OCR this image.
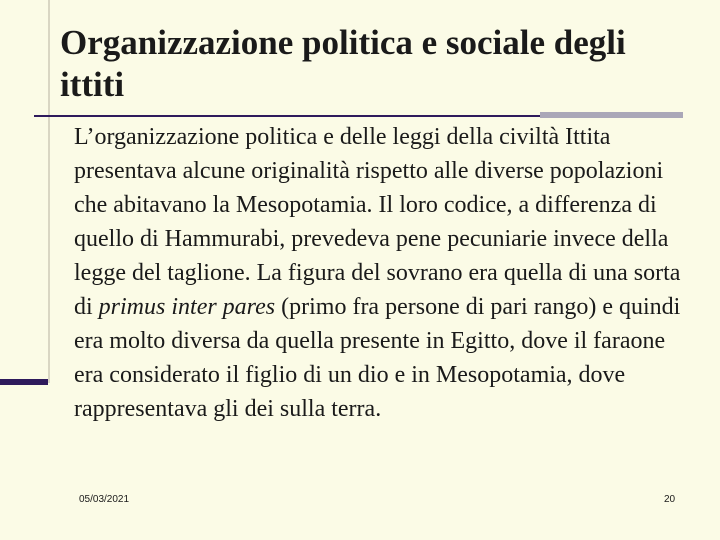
Organizzazione politica e sociale degli
ittiti

L’organizzazione politica e delle leggi della civiltà Ittita presentava alcune originalità rispetto alle diverse popolazioni che abitavano la Mesopotamia. Il loro codice, a differenza di quello di Hammurabi, prevedeva pene pecuniarie invece della legge del taglione. La figura del sovrano era quella di una sorta di primus inter pares (primo fra persone di pari rango) e quindi era molto diversa da quella presente in Egitto, dove il faraone era considerato il figlio di un dio e in Mesopotamia, dove rappresentava gli dei sulla terra.

05/03/2021	20
